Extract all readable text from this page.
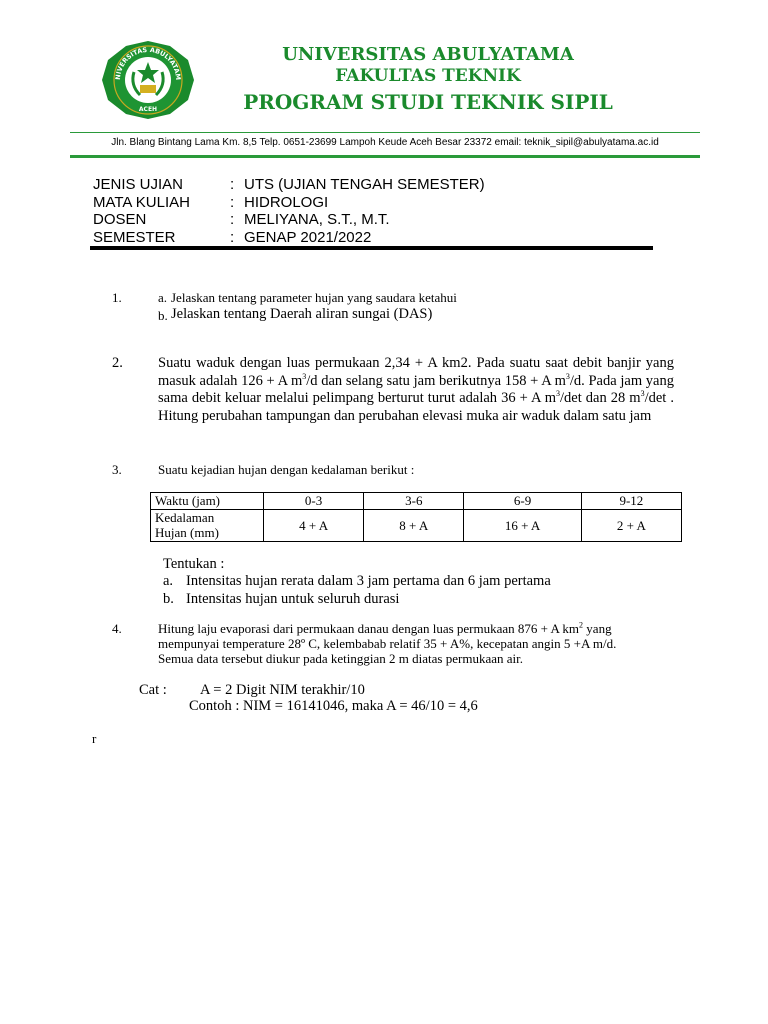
NIVERSITAS ABULYATAM
ACEH
UNIVERSITAS ABULYATAMA
FAKULTAS TEKNIK
PROGRAM STUDI TEKNIK SIPIL
Jln. Blang Bintang Lama Km. 8,5 Telp. 0651-23699 Lampoh Keude Aceh Besar 23372 email: teknik_sipil@abulyatama.ac.id
JENIS UJIAN	: UTS (UJIAN TENGAH SEMESTER)
MATA KULIAH	: HIDROLOGI
DOSEN	: MELIYANA, S.T., M.T.
SEMESTER	: GENAP 2021/2022
1.	a. Jelaskan tentang parameter hujan yang saudara ketahui
b. Jelaskan tentang Daerah aliran sungai (DAS)
2. Suatu waduk dengan luas permukaan 2,34 + A km2. Pada suatu saat debit banjir yang masuk adalah 126 + A $m^3/d$ dan selang satu jam berikutnya 158 + A $m^3/d$. Pada jam yang sama debit keluar melalui pelimpang berturut turut adalah 36 + A $m^3/\det$ dan 28 $m^3/\det$ . Hitung perubahan tampungan dan perubahan elevasi muka air waduk dalam satu jam
3.	Suatu kejadian hujan dengan kedalaman berikut :
Waktu (jam)	0-3	3-6	6-9	9-12
Kedalaman
Hujan (mm)	4 + A	8 + A	16 + A	2 + A
Tentukan :
a. Intensitas hujan rerata dalam 3 jam pertama dan 6 jam pertama
b. Intensitas hujan untuk seluruh durasi
4.	Hitung laju evaporasi dari permukaan danau dengan luas permukaan 876 + A $km^2$ yang
mempunyai temperature 28º C, kelembabab relatif 35 + A%, kecepatan angin 5 +A m/d.
Semua data tersebut diukur pada ketinggian 2 m diatas permukaan air.
Cat : A = 2 Digit NIM terakhir/10
Contoh : NIM = 16141046, maka A = 46/10 = 4,6
r
